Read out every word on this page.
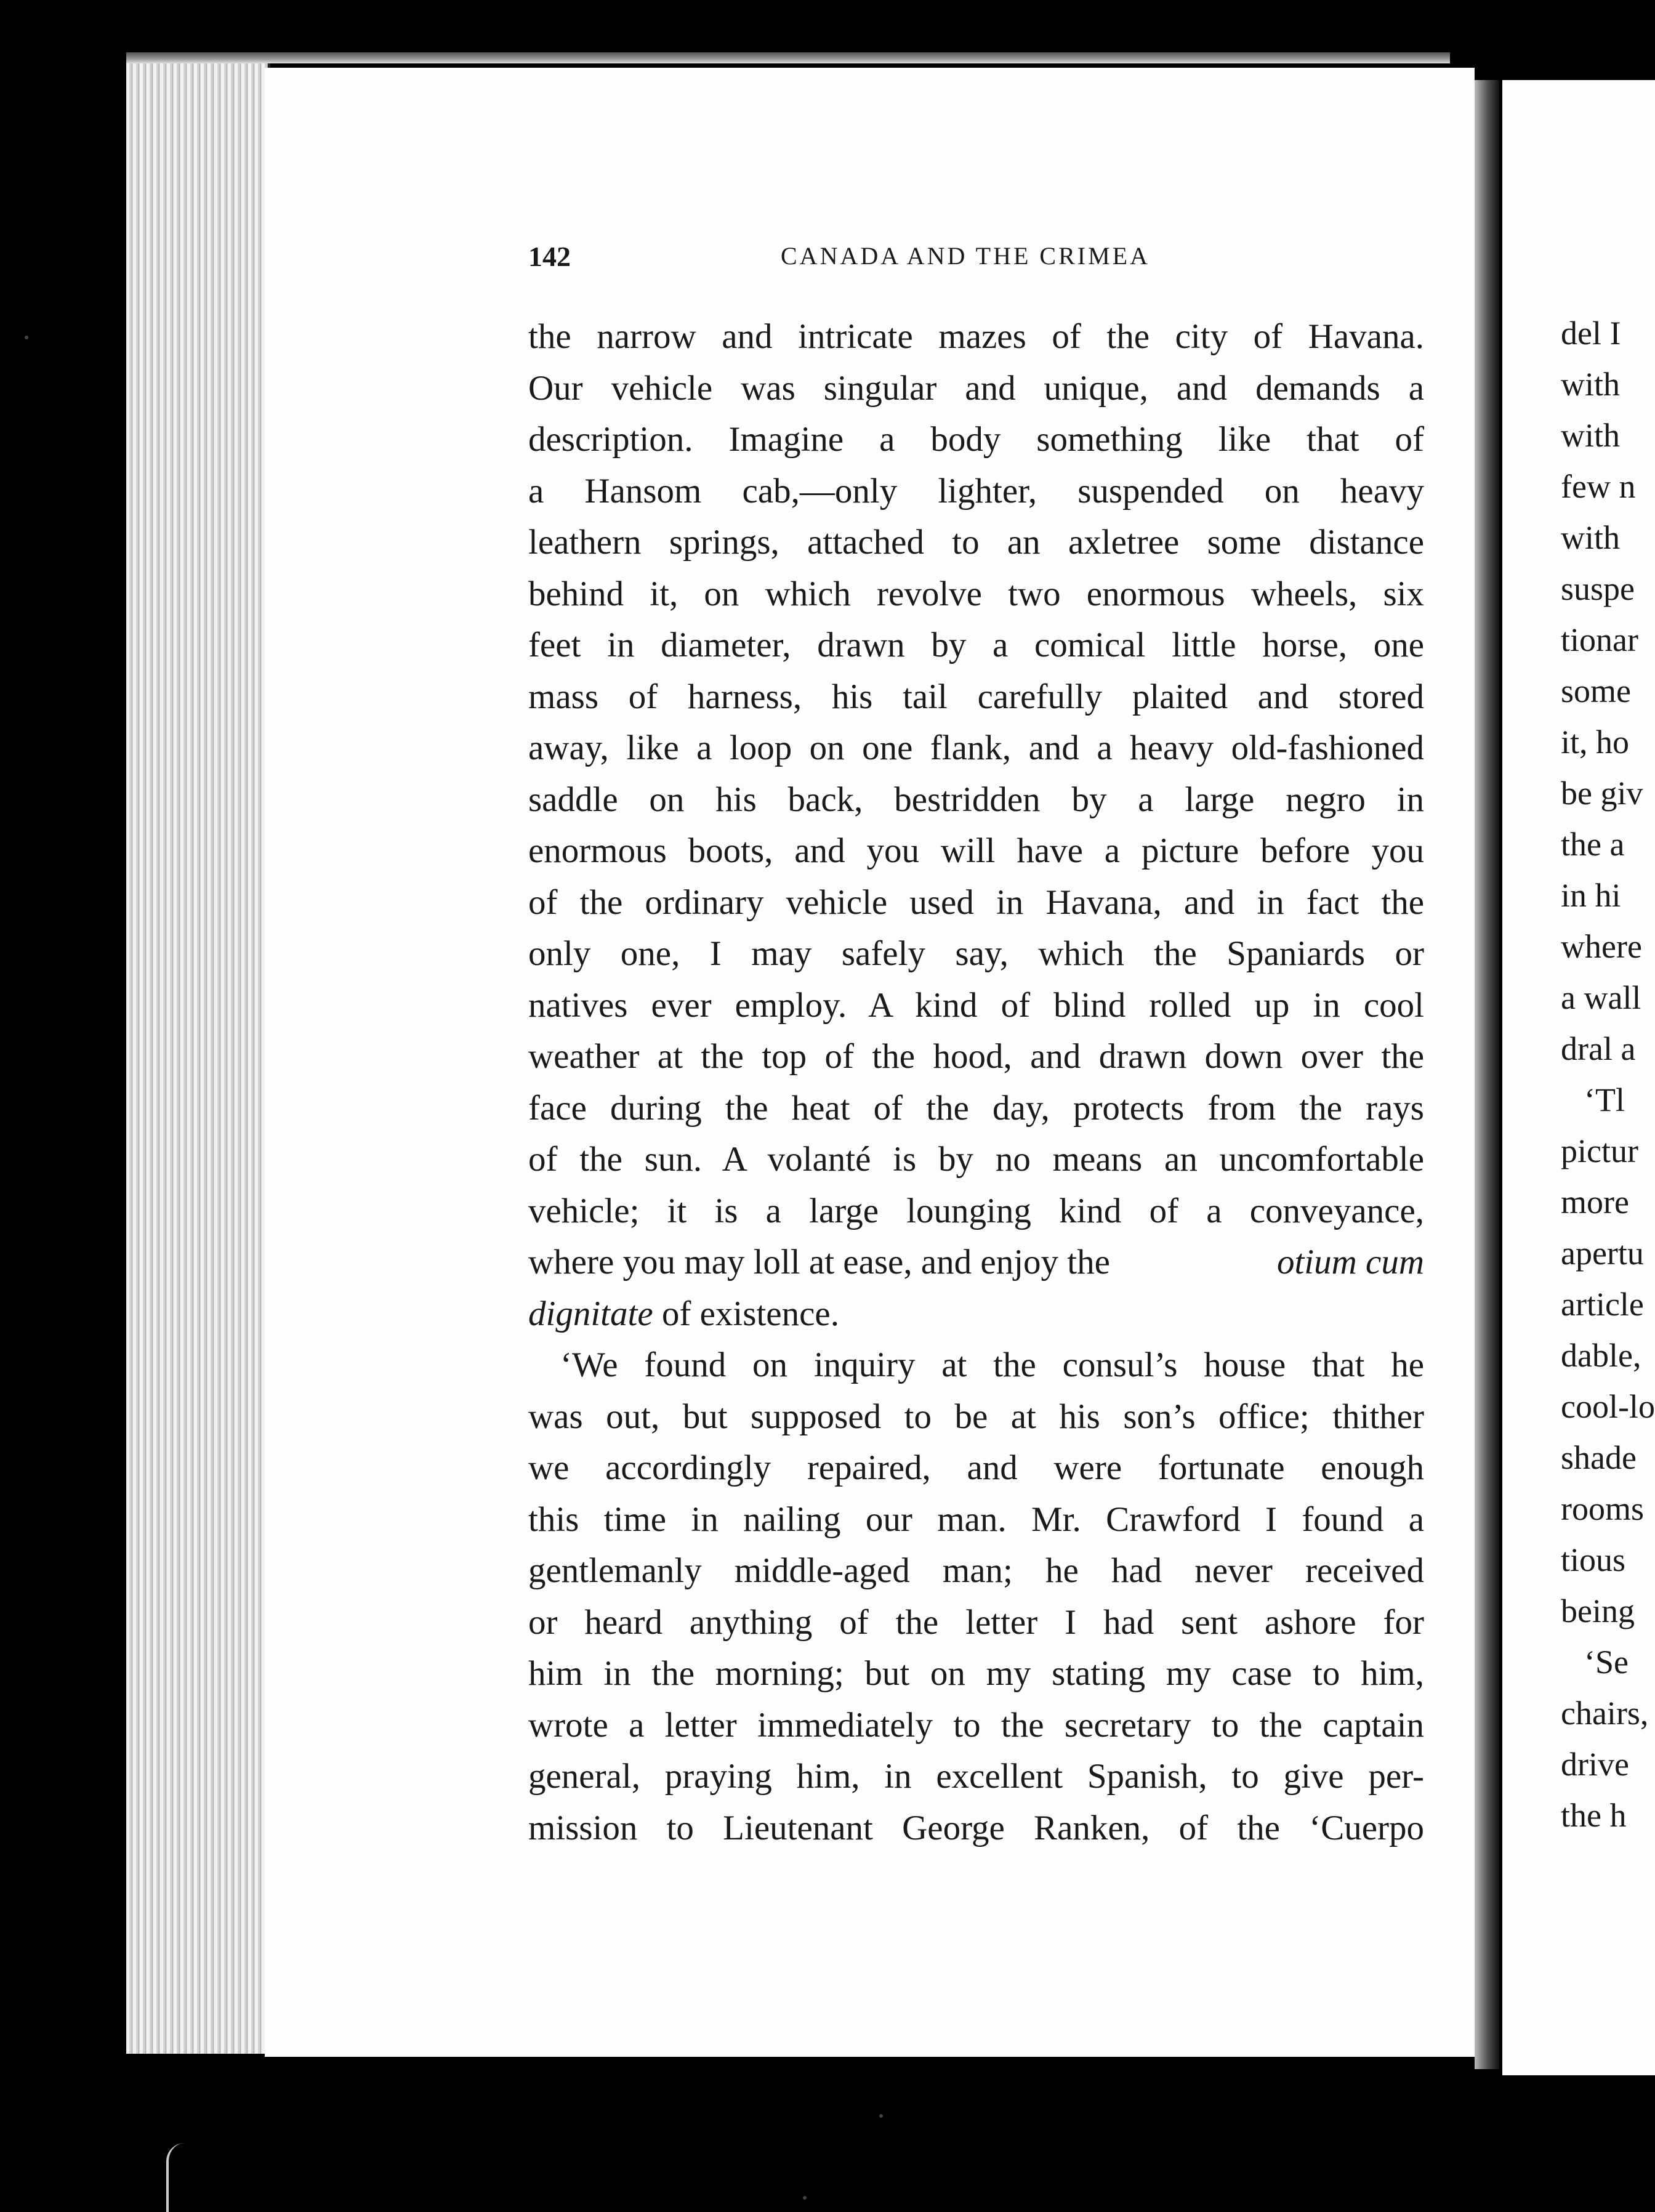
del I
with
with
few n
with
suspe
tionar
some
it, ho
be giv
the a
in hi
where
a wall
dral a
‘Tl
pictur
more
apertu
article
dable,
cool-lo
shade
rooms
tious
being
‘Se
chairs,
drive
the h
142	CANADA AND THE CRIMEA
the narrow and intricate mazes of the city of Havana.
Our vehicle was singular and unique, and demands a
description. Imagine a body something like that of
a Hansom cab,—only lighter, suspended on heavy
leathern springs, attached to an axletree some distance
behind it, on which revolve two enormous wheels, six
feet in diameter, drawn by a comical little horse, one
mass of harness, his tail carefully plaited and stored
away, like a loop on one flank, and a heavy old-fashioned
saddle on his back, bestridden by a large negro in
enormous boots, and you will have a picture before you
of the ordinary vehicle used in Havana, and in fact the
only one, I may safely say, which the Spaniards or
natives ever employ. A kind of blind rolled up in cool
weather at the top of the hood, and drawn down over the
face during the heat of the day, protects from the rays
of the sun. A volanté is by no means an uncomfortable
vehicle; it is a large lounging kind of a conveyance,
where you may loll at ease, and enjoy the	otium cum
dignitate of existence.
‘We found on inquiry at the consul’s house that he
was out, but supposed to be at his son’s office; thither
we accordingly repaired, and were fortunate enough
this time in nailing our man. Mr. Crawford I found a
gentlemanly middle-aged man; he had never received
or heard anything of the letter I had sent ashore for
him in the morning; but on my stating my case to him,
wrote a letter immediately to the secretary to the captain
general, praying him, in excellent Spanish, to give per-
mission to Lieutenant George Ranken, of the ‘Cuerpo
